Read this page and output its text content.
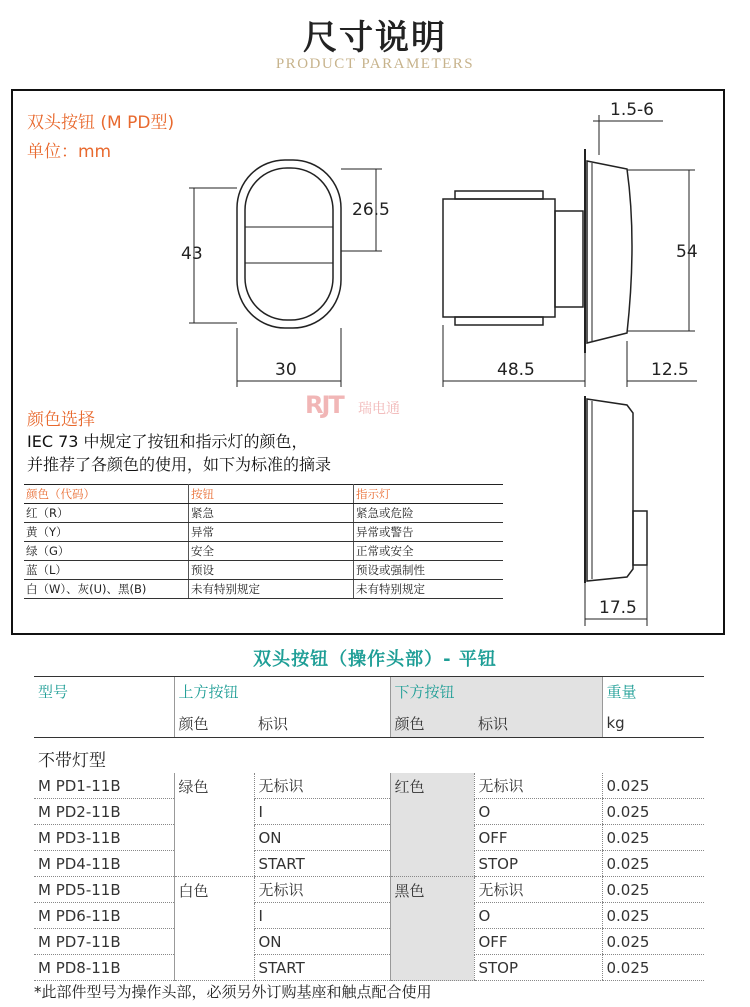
尺寸说明
PRODUCT PARAMETERS
双头按钮 (M PD型)
单位：mm
26.5
43
30
1.5-6
54
48.5	12.5
17.5
RJT 瑞电通
颜色选择
IEC 73 中规定了按钮和指示灯的颜色，
并推荐了各颜色的使用，如下为标准的摘录
颜色（代码）	按钮	指示灯
红（R）	紧急	紧急或危险
黄（Y）	异常	异常或警告
绿（G）	安全	正常或安全
蓝（L）	预设	预设或强制性
白（W）、灰(U)、黑(B)	未有特别规定	未有特别规定
双头按钮（操作头部）- 平钮
型号	上方按钮		下方按钮		重量
	颜色	标识	颜色	标识	kg
不带灯型					
M PD1-11B	绿色	无标识	红色	无标识	0.025
M PD2-11B		I		O	0.025
M PD3-11B		ON		OFF	0.025
M PD4-11B		START		STOP	0.025
M PD5-11B	白色	无标识	黑色	无标识	0.025
M PD6-11B		I		O	0.025
M PD7-11B		ON		OFF	0.025
M PD8-11B		START		STOP	0.025
*此部件型号为操作头部，必须另外订购基座和触点配合使用
